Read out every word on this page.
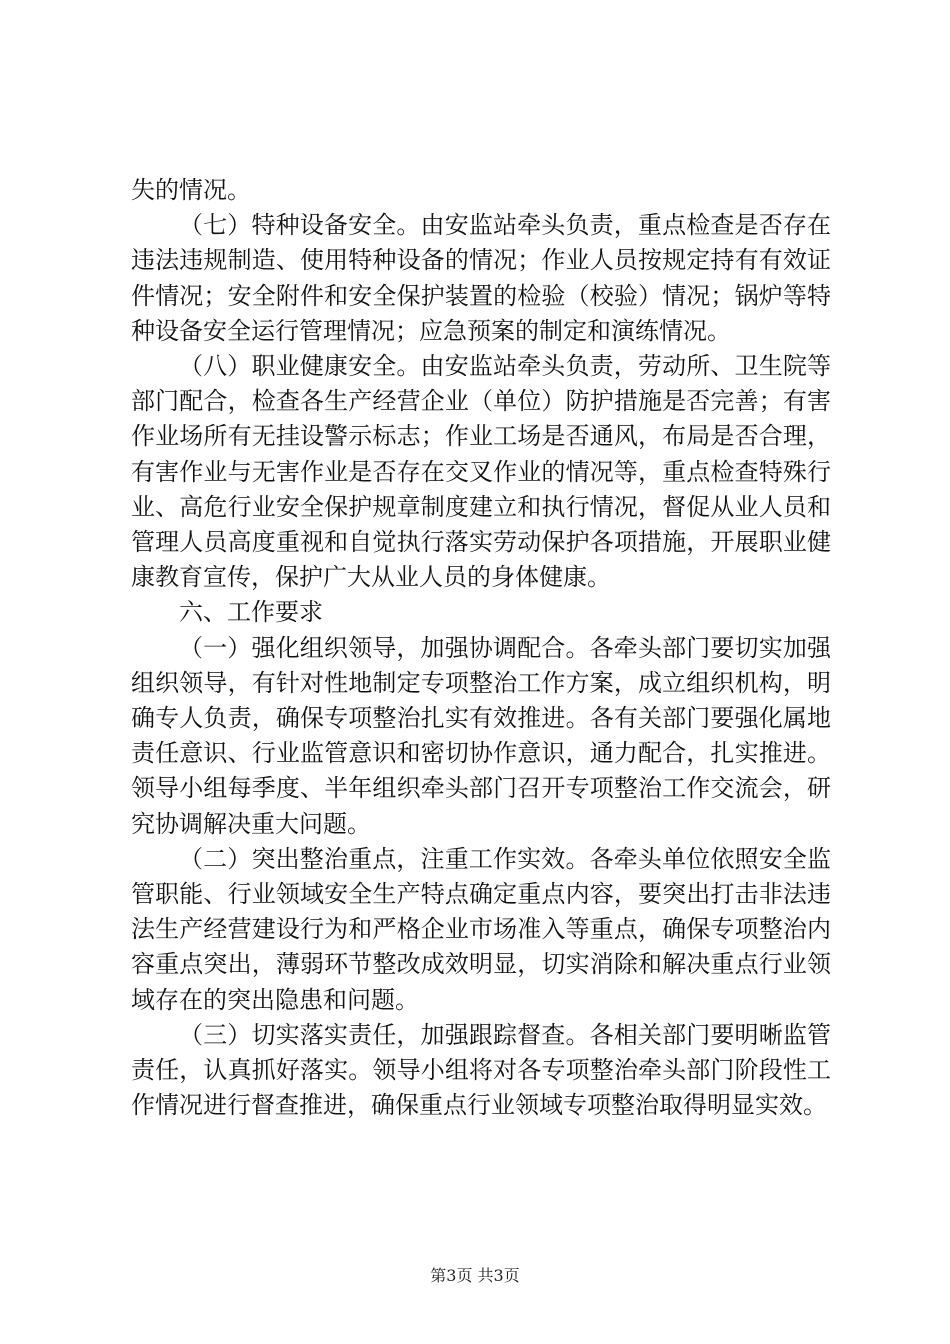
失的情况。

（七）特种设备安全。由安监站牵头负责，重点检查是否存在违法违规制造、使用特种设备的情况；作业人员按规定持有有效证件情况；安全附件和安全保护装置的检验（校验）情况；锅炉等特种设备安全运行管理情况；应急预案的制定和演练情况。

（八）职业健康安全。由安监站牵头负责，劳动所、卫生院等部门配合，检查各生产经营企业（单位）防护措施是否完善；有害作业场所有无挂设警示标志；作业工场是否通风，布局是否合理，有害作业与无害作业是否存在交叉作业的情况等，重点检查特殊行业、高危行业安全保护规章制度建立和执行情况，督促从业人员和管理人员高度重视和自觉执行落实劳动保护各项措施，开展职业健康教育宣传，保护广大从业人员的身体健康。

六、工作要求

（一）强化组织领导，加强协调配合。各牵头部门要切实加强组织领导，有针对性地制定专项整治工作方案，成立组织机构，明确专人负责，确保专项整治扎实有效推进。各有关部门要强化属地责任意识、行业监管意识和密切协作意识，通力配合，扎实推进。领导小组每季度、半年组织牵头部门召开专项整治工作交流会，研究协调解决重大问题。

（二）突出整治重点，注重工作实效。各牵头单位依照安全监管职能、行业领域安全生产特点确定重点内容，要突出打击非法违法生产经营建设行为和严格企业市场准入等重点，确保专项整治内容重点突出，薄弱环节整改成效明显，切实消除和解决重点行业领域存在的突出隐患和问题。

（三）切实落实责任，加强跟踪督查。各相关部门要明晰监管责任，认真抓好落实。领导小组将对各专项整治牵头部门阶段性工作情况进行督查推进，确保重点行业领域专项整治取得明显实效。

第3页 共3页
